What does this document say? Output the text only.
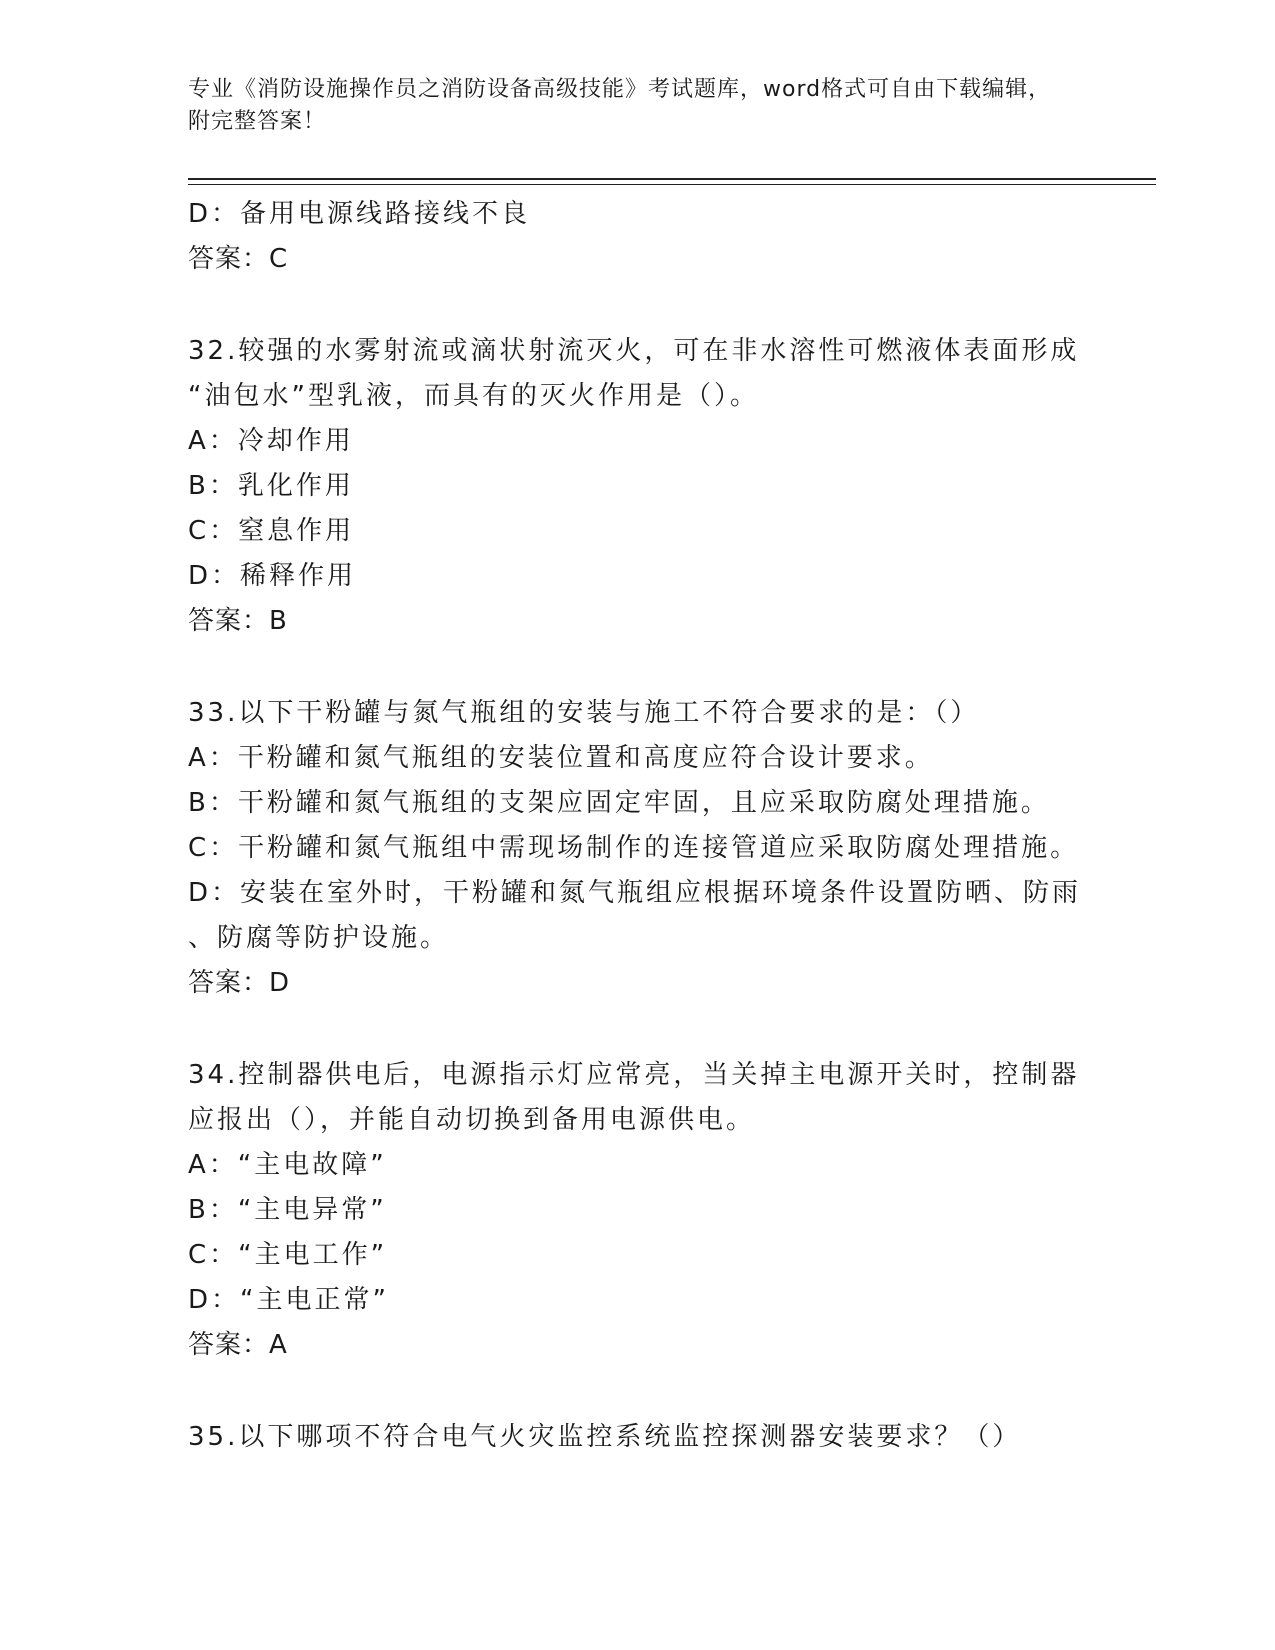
专业《消防设施操作员之消防设备高级技能》考试题库，word格式可自由下载编辑，附完整答案！
D：备用电源线路接线不良
答案：C
32.较强的水雾射流或滴状射流灭火，可在非水溶性可燃液体表面形成
“油包水”型乳液，而具有的灭火作用是（）。
A：冷却作用
B：乳化作用
C：窒息作用
D：稀释作用
答案：B
33.以下干粉罐与氮气瓶组的安装与施工不符合要求的是：（）
A：干粉罐和氮气瓶组的安装位置和高度应符合设计要求。
B：干粉罐和氮气瓶组的支架应固定牢固，且应采取防腐处理措施。
C：干粉罐和氮气瓶组中需现场制作的连接管道应采取防腐处理措施。
D：安装在室外时，干粉罐和氮气瓶组应根据环境条件设置防晒、防雨
、防腐等防护设施。
答案：D
34.控制器供电后，电源指示灯应常亮，当关掉主电源开关时，控制器
应报出（），并能自动切换到备用电源供电。
A：“主电故障”
B：“主电异常”
C：“主电工作”
D：“主电正常”
答案：A
35.以下哪项不符合电气火灾监控系统监控探测器安装要求？（）
